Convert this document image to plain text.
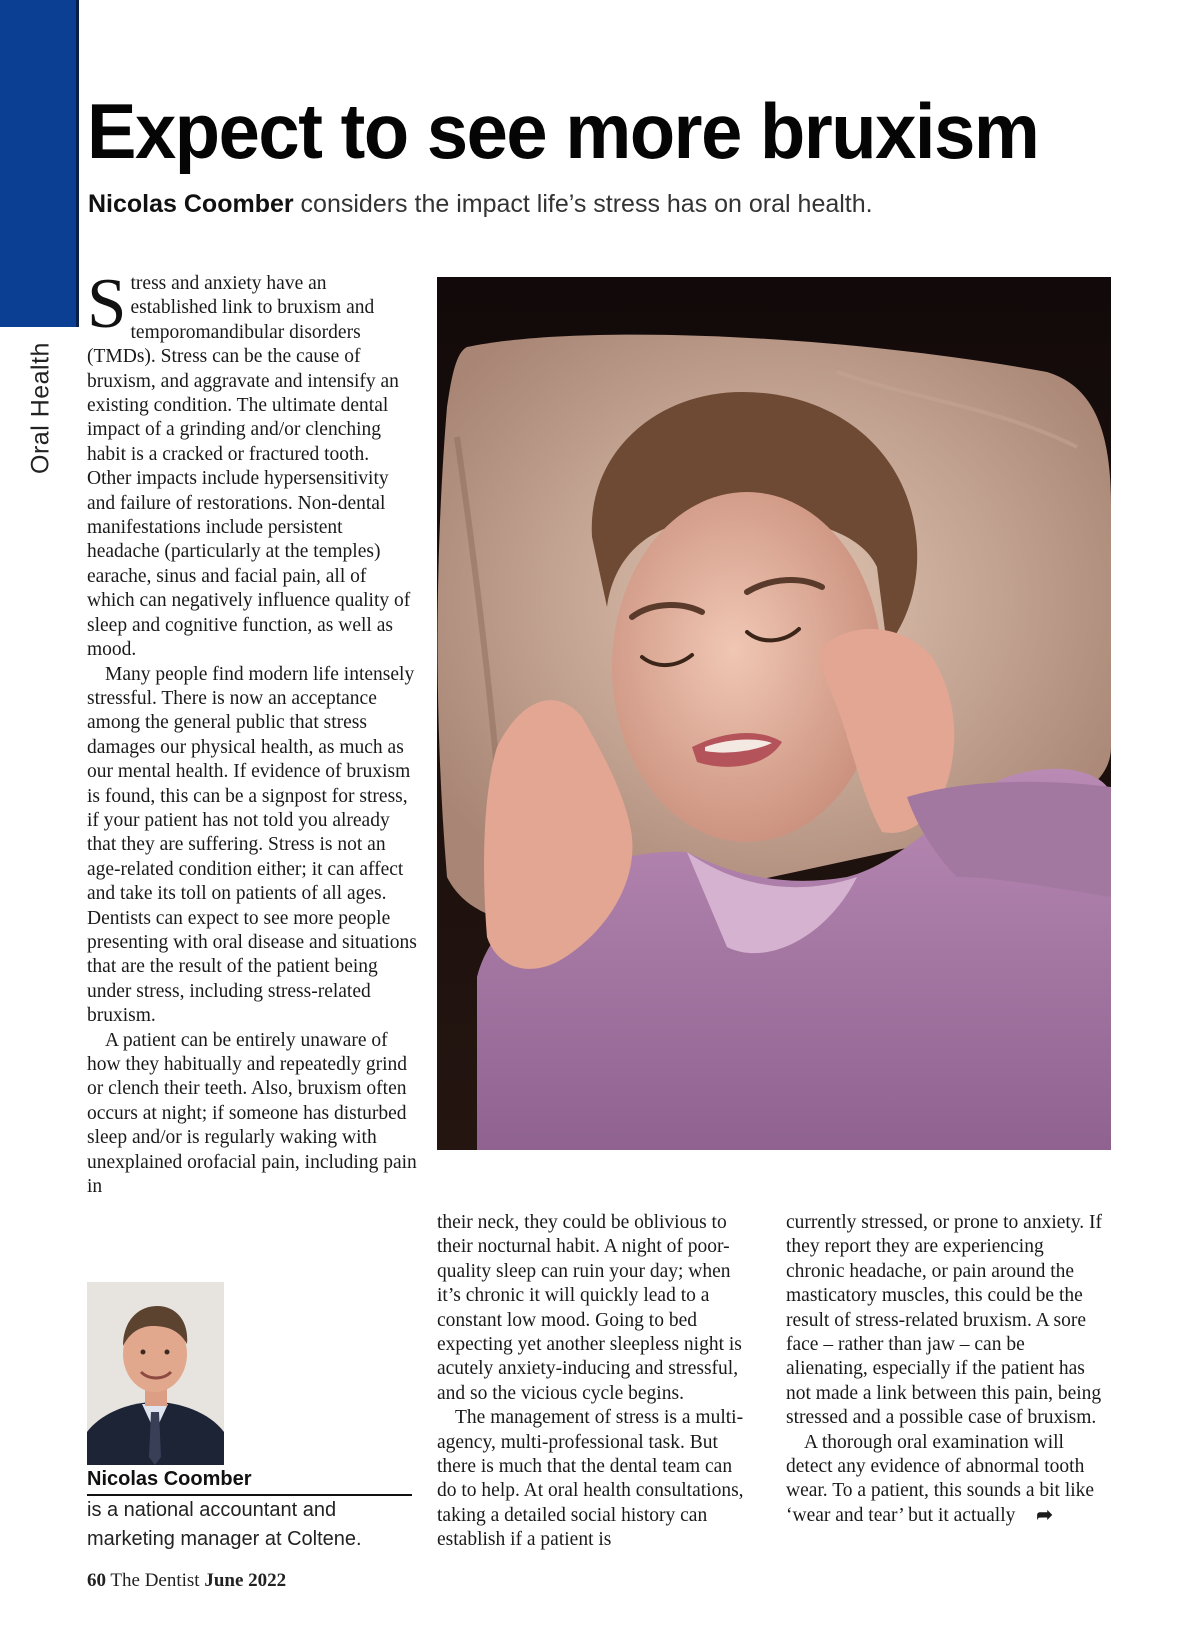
Oral Health
Expect to see more bruxism
Nicolas Coomber considers the impact life’s stress has on oral health.

Stress and anxiety have an established link to bruxism and temporomandibular disorders (TMDs). Stress can be the cause of bruxism, and aggravate and intensify an existing condition. The ultimate dental impact of a grinding and/or clenching habit is a cracked or fractured tooth. Other impacts include hypersensitivity and failure of restorations. Non-dental manifestations include persistent headache (particularly at the temples) earache, sinus and facial pain, all of which can negatively influence quality of sleep and cognitive function, as well as mood.

Many people find modern life intensely stressful. There is now an acceptance among the general public that stress damages our physical health, as much as our mental health. If evidence of bruxism is found, this can be a signpost for stress, if your patient has not told you already that they are suffering. Stress is not an age-related condition either; it can affect and take its toll on patients of all ages. Dentists can expect to see more people presenting with oral disease and situations that are the result of the patient being under stress, including stress-related bruxism.

A patient can be entirely unaware of how they habitually and repeatedly grind or clench their teeth. Also, bruxism often occurs at night; if someone has disturbed sleep and/or is regularly waking with unexplained orofacial pain, including pain in

their neck, they could be oblivious to their nocturnal habit. A night of poor-quality sleep can ruin your day; when it’s chronic it will quickly lead to a constant low mood. Going to bed expecting yet another sleepless night is acutely anxiety-inducing and stressful, and so the vicious cycle begins.

The management of stress is a multi-agency, multi-professional task. But there is much that the dental team can do to help. At oral health consultations, taking a detailed social history can establish if a patient is

currently stressed, or prone to anxiety. If they report they are experiencing chronic headache, or pain around the masticatory muscles, this could be the result of stress-related bruxism. A sore face – rather than jaw – can be alienating, especially if the patient has not made a link between this pain, being stressed and a possible case of bruxism.

A thorough oral examination will detect any evidence of abnormal tooth wear. To a patient, this sounds a bit like ‘wear and tear’ but it actually ➦

Nicolas Coomber
is a national accountant and marketing manager at Coltene.
60 The Dentist June 2022
